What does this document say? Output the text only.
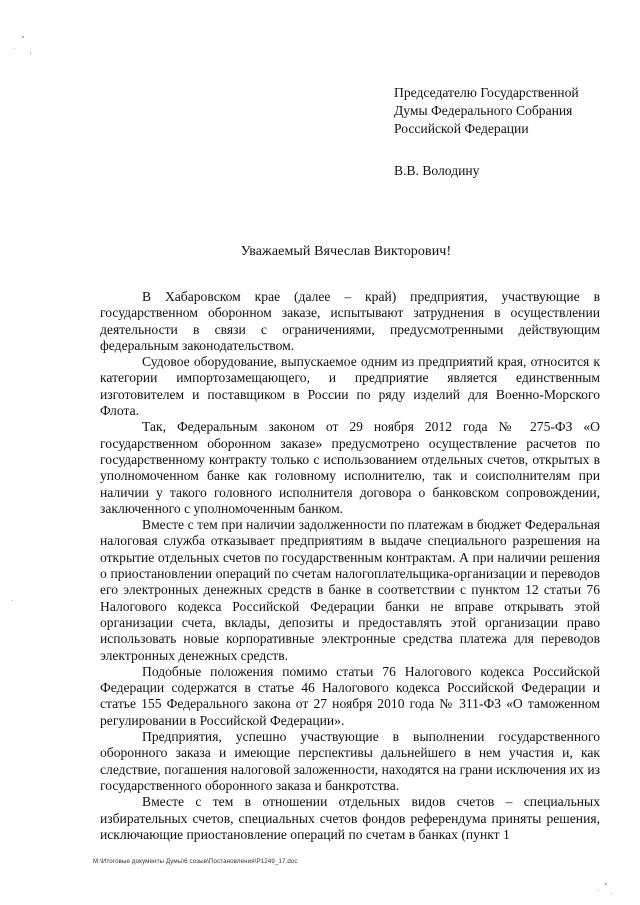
Председателю Государственной
Думы Федерального Собрания
Российской Федерации
В.В. Володину
Уважаемый Вячеслав Викторович!

В Хабаровском крае (далее – край) предприятия, участвующие в государственном оборонном заказе, испытывают затруднения в осуществлении деятельности в связи с ограничениями, предусмотренными действующим федеральным законодательством.

Судовое оборудование, выпускаемое одним из предприятий края, относится к категории импортозамещающего, и предприятие является единственным изготовителем и поставщиком в России по ряду изделий для Военно-Морского Флота.

Так, Федеральным законом от 29 ноября 2012 года № 275-ФЗ «О государственном оборонном заказе» предусмотрено осуществление расчетов по государственному контракту только с использованием отдельных счетов, открытых в уполномоченном банке как головному исполнителю, так и соисполнителям при наличии у такого головного исполнителя договора о банковском сопровождении, заключенного с уполномоченным банком.

Вместе с тем при наличии задолженности по платежам в бюджет Федеральная налоговая служба отказывает предприятиям в выдаче специального разрешения на открытие отдельных счетов по государственным контрактам. А при наличии решения о приостановлении операций по счетам налогоплательщика-организации и переводов его электронных денежных средств в банке в соответствии с пунктом 12 статьи 76 Налогового кодекса Российской Федерации банки не вправе открывать этой организации счета, вклады, депозиты и предоставлять этой организации право использовать новые корпоративные электронные средства платежа для переводов электронных денежных средств.

Подобные положения помимо статьи 76 Налогового кодекса Российской Федерации содержатся в статье 46 Налогового кодекса Российской Федерации и статье 155 Федерального закона от 27 ноября 2010 года № 311-ФЗ «О таможенном регулировании в Российской Федерации».

Предприятия, успешно участвующие в выполнении государственного оборонного заказа и имеющие перспективы дальнейшего в нем участия и, как следствие, погашения налоговой заложенности, находятся на грани исключения их из государственного оборонного заказа и банкротства.

Вместе с тем в отношении отдельных видов счетов – специальных избирательных счетов, специальных счетов фондов референдума приняты решения, исключающие приостановление операций по счетам в банках (пункт 1

M:\Итоговые документы Думы\6 созыв\Постановления\P1249_17.doc
